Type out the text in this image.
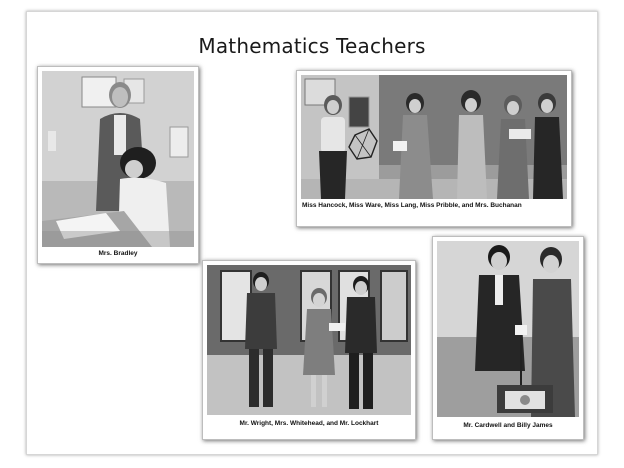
Mathematics Teachers
Mrs. Bradley
Miss Hancock, Miss Ware, Miss Lang, Miss Pribble, and Mrs. Buchanan
Mr. Wright, Mrs. Whitehead, and Mr. Lockhart	Mr. Cardwell and Billy James
